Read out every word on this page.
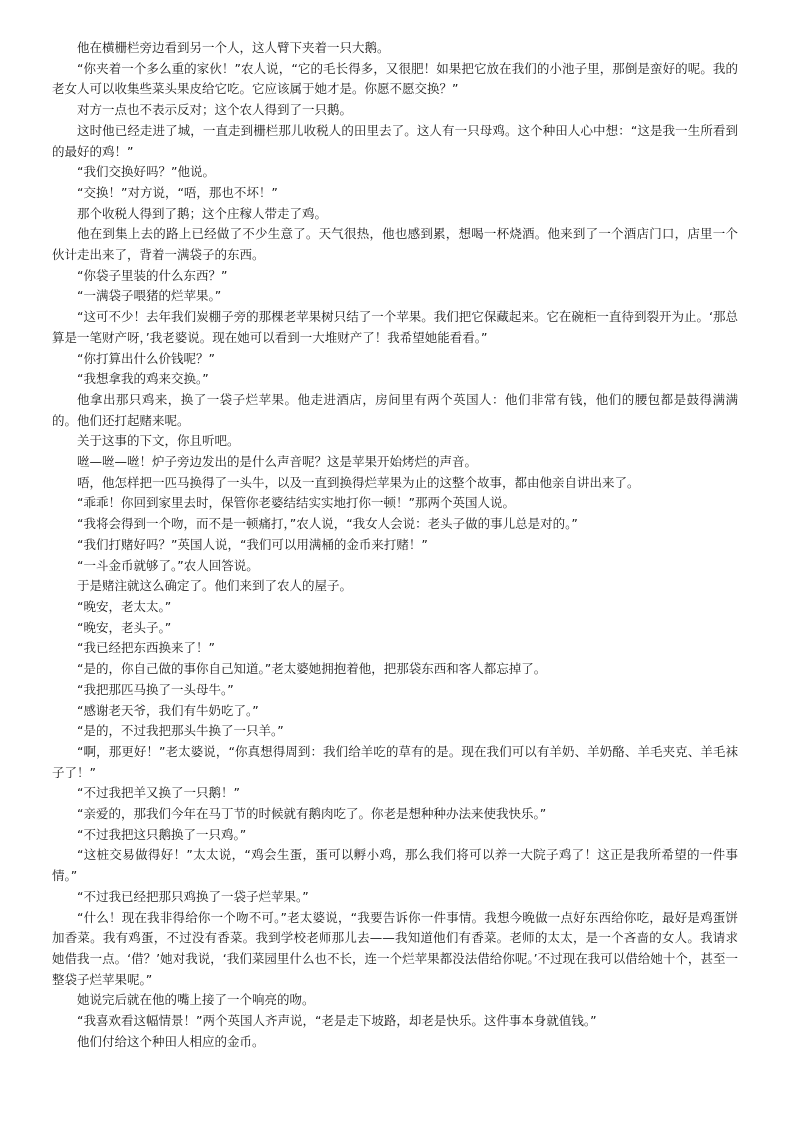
他在横栅栏旁边看到另一个人，这人臂下夹着一只大鹅。

“你夹着一个多么重的家伙！”农人说，“它的毛长得多，又很肥！如果把它放在我们的小池子里，那倒是蛮好的呢。我的老女人可以收集些菜头果皮给它吃。它应该属于她才是。你愿不愿交换？”

对方一点也不表示反对；这个农人得到了一只鹅。

这时他已经走进了城，一直走到栅栏那儿收税人的田里去了。这人有一只母鸡。这个种田人心中想：“这是我一生所看到的最好的鸡！”

“我们交换好吗？”他说。

“交换！”对方说，“唔，那也不坏！”

那个收税人得到了鹅；这个庄稼人带走了鸡。

他在到集上去的路上已经做了不少生意了。天气很热，他也感到累，想喝一杯烧酒。他来到了一个酒店门口，店里一个伙计走出来了，背着一满袋子的东西。

“你袋子里装的什么东西？”

“一满袋子喂猪的烂苹果。”

“这可不少！去年我们炭棚子旁的那棵老苹果树只结了一个苹果。我们把它保藏起来。它在碗柜一直待到裂开为止。‘那总算是一笔财产呀，’我老婆说。现在她可以看到一大堆财产了！我希望她能看看。”

“你打算出什么价钱呢？”

“我想拿我的鸡来交换。”

他拿出那只鸡来，换了一袋子烂苹果。他走进酒店，房间里有两个英国人：他们非常有钱，他们的腰包都是鼓得满满的。他们还打起赌来呢。

关于这事的下文，你且听吧。

咝—咝—咝！炉子旁边发出的是什么声音呢？这是苹果开始烤烂的声音。

唔，他怎样把一匹马换得了一头牛，以及一直到换得烂苹果为止的这整个故事，都由他亲自讲出来了。

“乖乖！你回到家里去时，保管你老婆结结实实地打你一顿！”那两个英国人说。

“我将会得到一个吻，而不是一顿痛打，”农人说，“我女人会说：老头子做的事儿总是对的。”

“我们打赌好吗？”英国人说，“我们可以用满桶的金币来打赌！”

“一斗金币就够了。”农人回答说。

于是赌注就这么确定了。他们来到了农人的屋子。

“晚安，老太太。”

“晚安，老头子。”

“我已经把东西换来了！”

“是的，你自己做的事你自己知道。”老太婆她拥抱着他，把那袋东西和客人都忘掉了。

“我把那匹马换了一头母牛。”

“感谢老天爷，我们有牛奶吃了。”

“是的，不过我把那头牛换了一只羊。”

“啊，那更好！”老太婆说，“你真想得周到：我们给羊吃的草有的是。现在我们可以有羊奶、羊奶酪、羊毛夹克、羊毛袜子了！”

“不过我把羊又换了一只鹅！”

“亲爱的，那我们今年在马丁节的时候就有鹅肉吃了。你老是想种种办法来使我快乐。”

“不过我把这只鹅换了一只鸡。”

“这桩交易做得好！”太太说，“鸡会生蛋，蛋可以孵小鸡，那么我们将可以养一大院子鸡了！这正是我所希望的一件事情。”

“不过我已经把那只鸡换了一袋子烂苹果。”

“什么！现在我非得给你一个吻不可。”老太婆说，“我要告诉你一件事情。我想今晚做一点好东西给你吃，最好是鸡蛋饼加香菜。我有鸡蛋，不过没有香菜。我到学校老师那儿去——我知道他们有香菜。老师的太太，是一个吝啬的女人。我请求她借我一点。‘借？’她对我说，‘我们菜园里什么也不长，连一个烂苹果都没法借给你呢。’不过现在我可以借给她十个，甚至一整袋子烂苹果呢。”

她说完后就在他的嘴上接了一个响亮的吻。

“我喜欢看这幅情景！”两个英国人齐声说，“老是走下坡路，却老是快乐。这件事本身就值钱。”

他们付给这个种田人相应的金币。
